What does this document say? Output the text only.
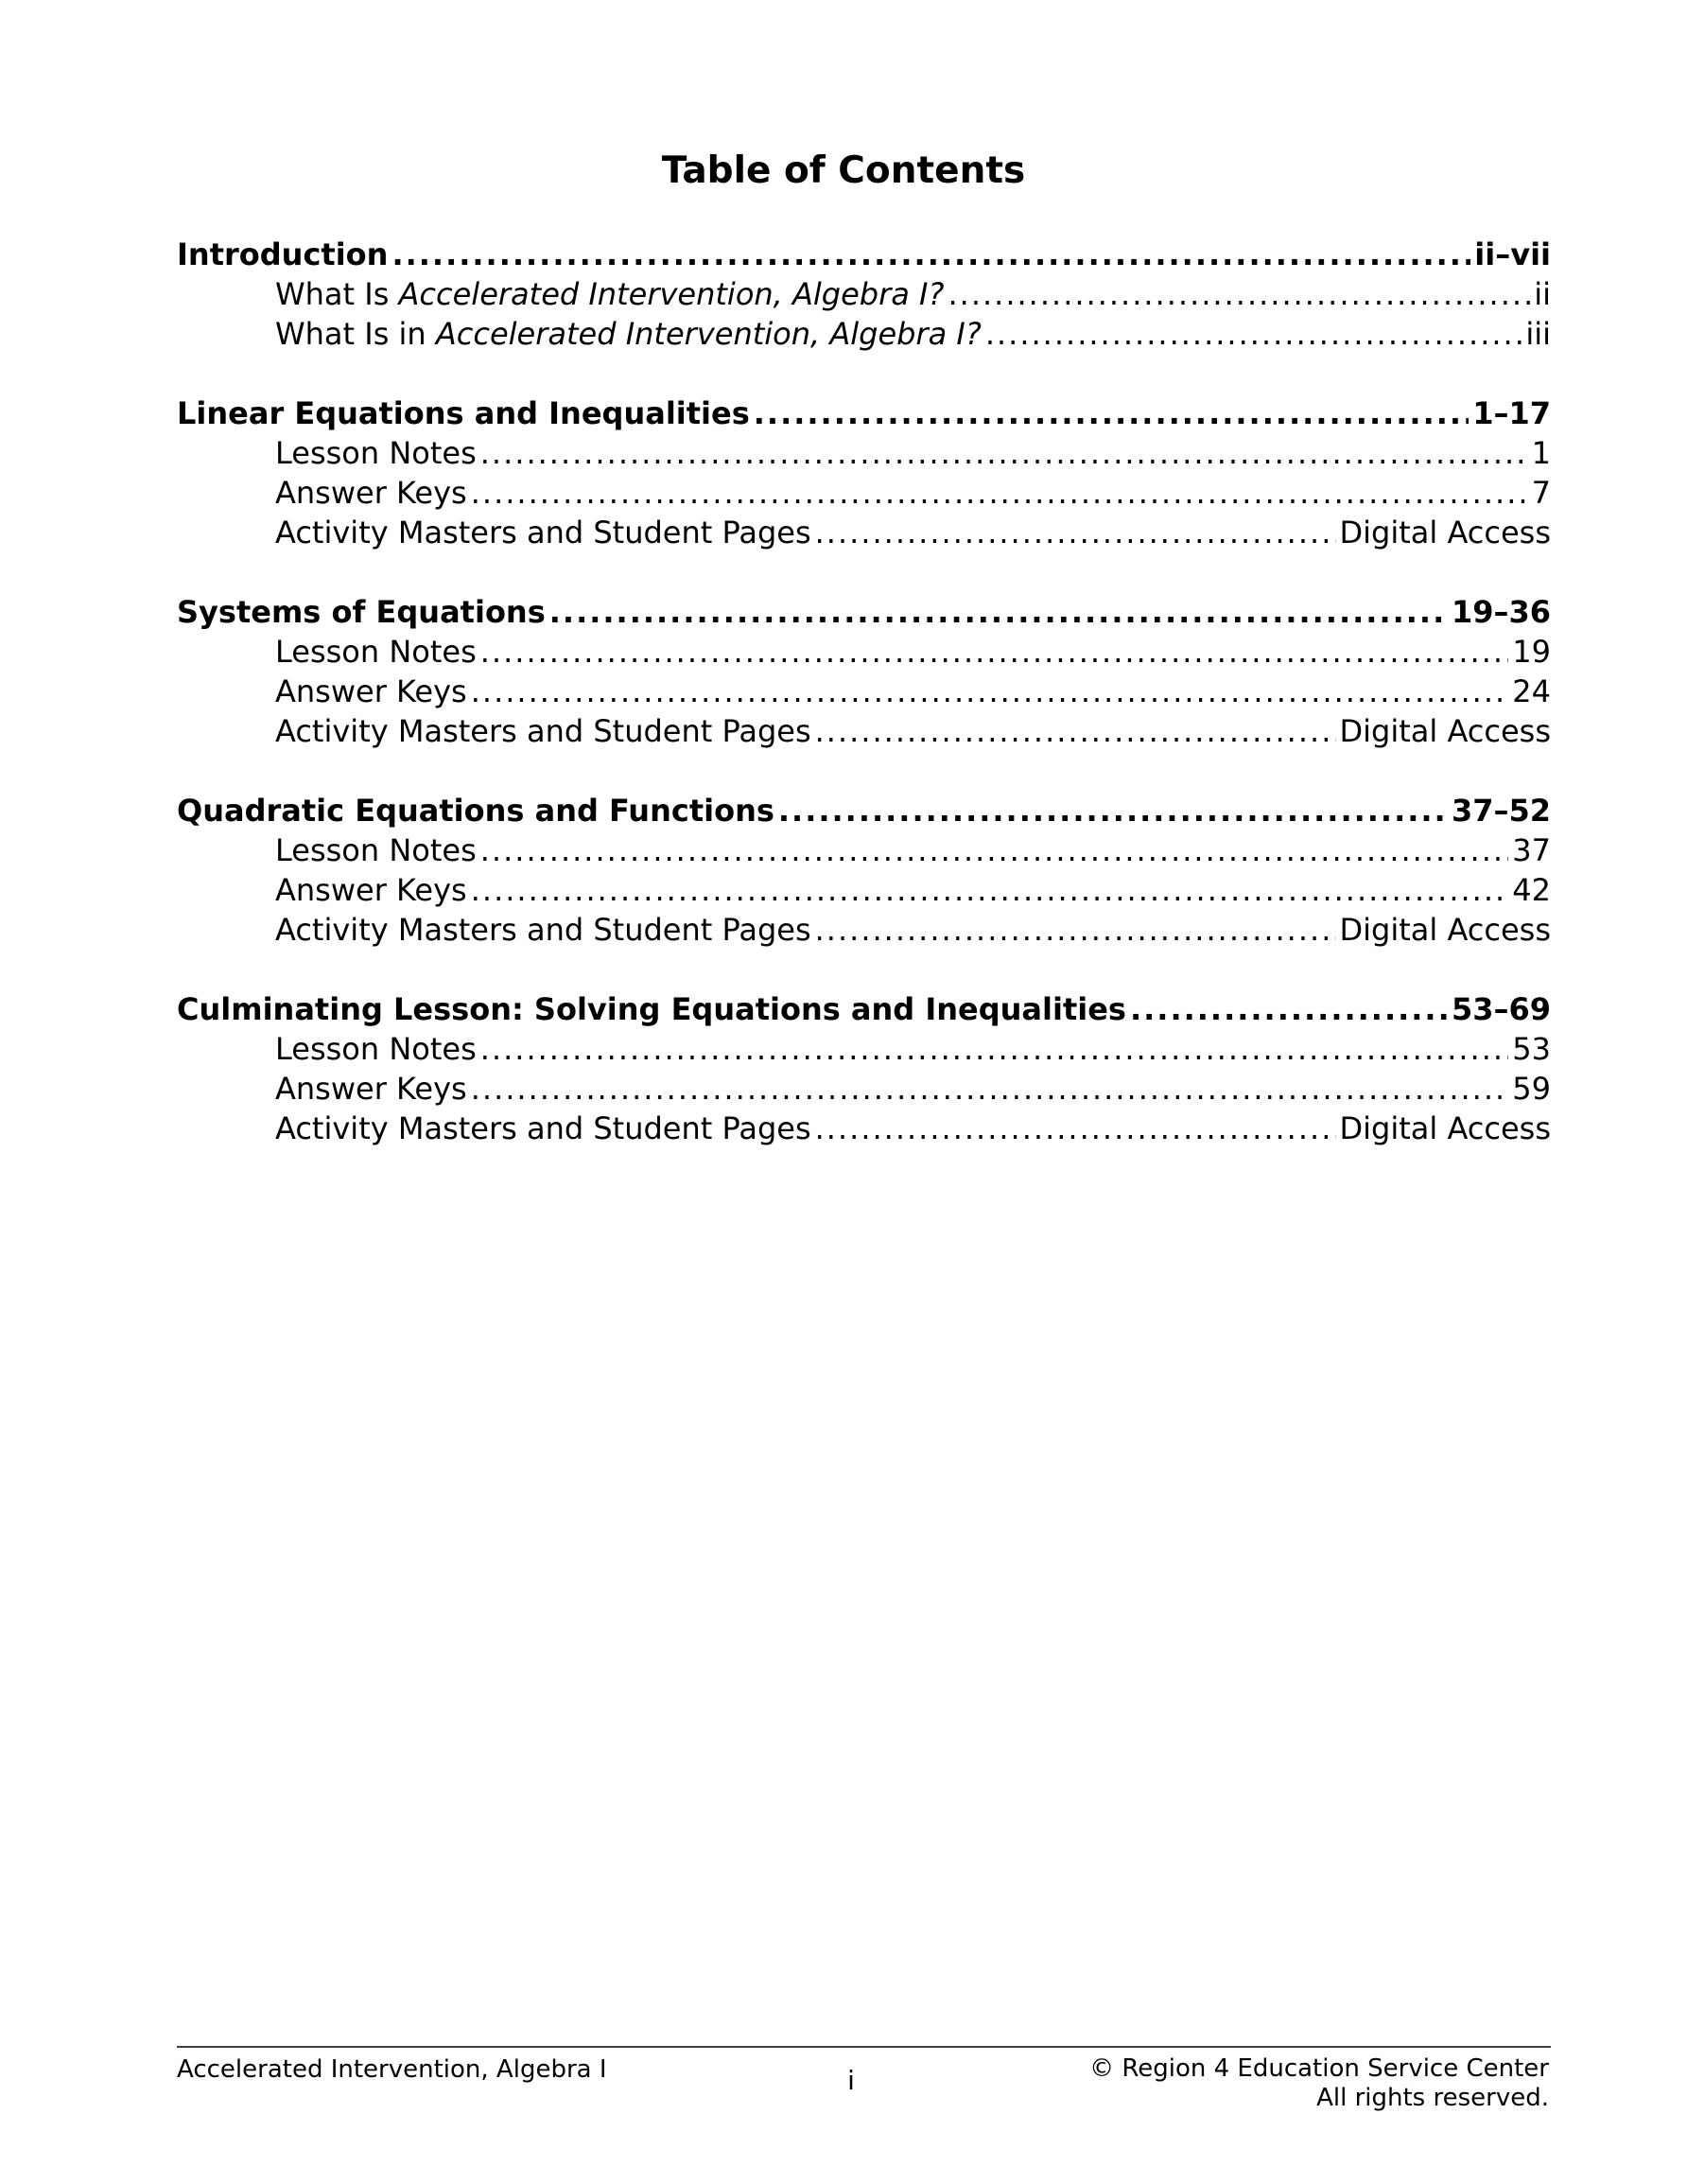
Table of Contents
Introduction .....	ii–vii
What Is Accelerated Intervention, Algebra I? .....	ii
What Is in Accelerated Intervention, Algebra I? .....	iii
Linear Equations and Inequalities .....	1–17
Lesson Notes .....	1
Answer Keys .....	7
Activity Masters and Student Pages .....	Digital Access
Systems of Equations .....	19–36
Lesson Notes .....	19
Answer Keys .....	24
Activity Masters and Student Pages .....	Digital Access
Quadratic Equations and Functions .....	37–52
Lesson Notes .....	37
Answer Keys .....	42
Activity Masters and Student Pages .....	Digital Access
Culminating Lesson: Solving Equations and Inequalities .....	53–69
Lesson Notes .....	53
Answer Keys .....	59
Activity Masters and Student Pages .....	Digital Access
Accelerated Intervention, Algebra I	i	© Region 4 Education Service Center
All rights reserved.
